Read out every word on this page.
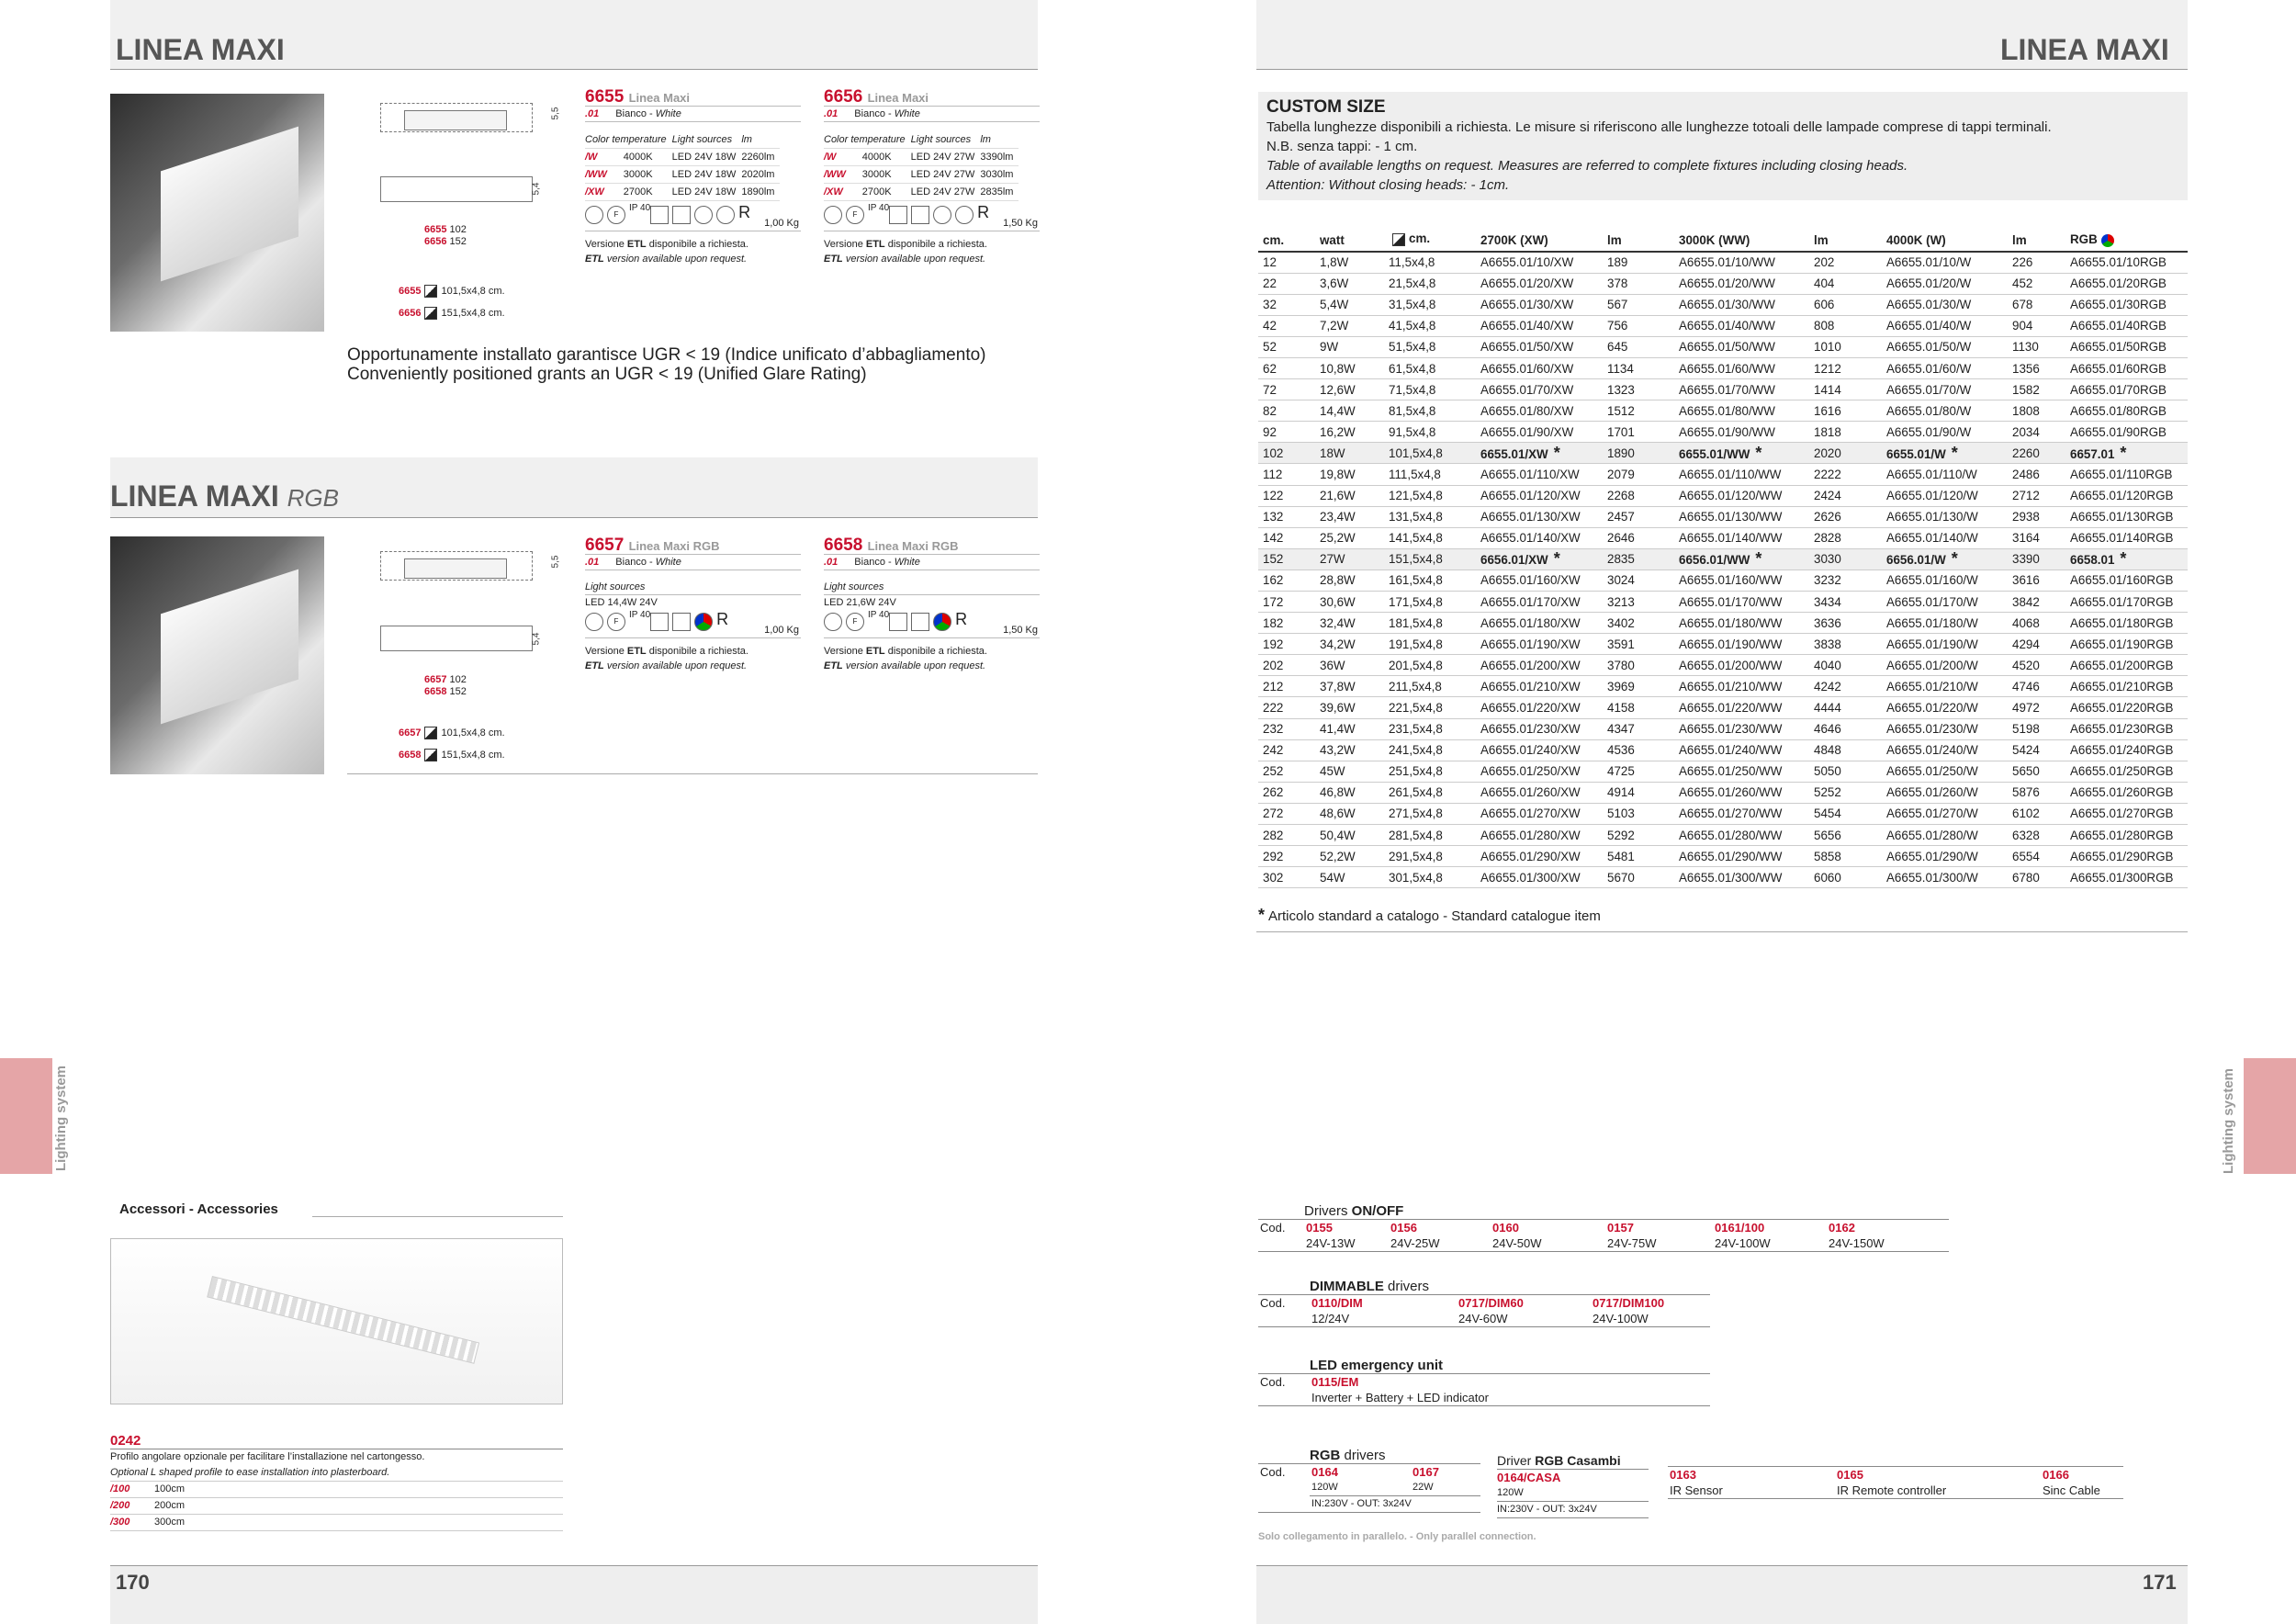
LINEA MAXI
5,5
5,4
6655 102
6656 152
6655 101,5x4,8 cm.
6656 151,5x4,8 cm.
6655 Linea Maxi
.01 Bianco - White
Color temperature		Light sources	lm
/W	4000K	LED 24V 18W	2260lm
/WW	3000K	LED 24V 18W	2020lm
/XW	2700K	LED 24V 18W	1890lm
FIP 40	R
1,00 Kg
Versione ETL disponibile a richiesta.
ETL version available upon request.
6656 Linea Maxi
.01 Bianco - White
Color temperature		Light sources	lm
/W	4000K	LED 24V 27W	3390lm
/WW	3000K	LED 24V 27W	3030lm
/XW	2700K	LED 24V 27W	2835lm
FIP 40	R
1,50 Kg
Versione ETL disponibile a richiesta.
ETL version available upon request.
Opportunamente installato garantisce UGR < 19 (Indice unificato d’abbagliamento)
Conveniently positioned grants an UGR < 19 (Unified Glare Rating)
LINEA MAXI RGB
5,5
5,4
6657 102
6658 152
6657 101,5x4,8 cm.
6658 151,5x4,8 cm.
6657 Linea Maxi RGB
.01 Bianco - White
Light sources
LED 14,4W 24V
FIP 40	R
1,00 Kg
Versione ETL disponibile a richiesta.
ETL version available upon request.
6658 Linea Maxi RGB
.01 Bianco - White
Light sources
LED 21,6W 24V
FIP 40	R
1,50 Kg
Versione ETL disponibile a richiesta.
ETL version available upon request.
Lighting system
Accessori - Accessories
0242
Profilo angolare opzionale per facilitare l’installazione nel cartongesso.
Optional L shaped profile to ease installation into plasterboard.
/100	100cm
/200	200cm
/300	300cm
170
LINEA MAXI
CUSTOM SIZE
Tabella lunghezze disponibili a richiesta. Le misure si riferiscono alle lunghezze totoali delle lampade comprese di tappi terminali.
N.B. senza tappi: - 1 cm.
Table of available lengths on request. Measures are referred to complete fixtures including closing heads.
Attention: Without closing heads: - 1cm.
cm.	watt	cm.	2700K (XW)	lm	3000K (WW)	lm	4000K (W)	lm	RGB
12	1,8W	11,5x4,8	A6655.01/10/XW	189	A6655.01/10/WW	202	A6655.01/10/W	226	A6655.01/10RGB
22	3,6W	21,5x4,8	A6655.01/20/XW	378	A6655.01/20/WW	404	A6655.01/20/W	452	A6655.01/20RGB
32	5,4W	31,5x4,8	A6655.01/30/XW	567	A6655.01/30/WW	606	A6655.01/30/W	678	A6655.01/30RGB
42	7,2W	41,5x4,8	A6655.01/40/XW	756	A6655.01/40/WW	808	A6655.01/40/W	904	A6655.01/40RGB
52	9W	51,5x4,8	A6655.01/50/XW	645	A6655.01/50/WW	1010	A6655.01/50/W	1130	A6655.01/50RGB
62	10,8W	61,5x4,8	A6655.01/60/XW	1134	A6655.01/60/WW	1212	A6655.01/60/W	1356	A6655.01/60RGB
72	12,6W	71,5x4,8	A6655.01/70/XW	1323	A6655.01/70/WW	1414	A6655.01/70/W	1582	A6655.01/70RGB
82	14,4W	81,5x4,8	A6655.01/80/XW	1512	A6655.01/80/WW	1616	A6655.01/80/W	1808	A6655.01/80RGB
92	16,2W	91,5x4,8	A6655.01/90/XW	1701	A6655.01/90/WW	1818	A6655.01/90/W	2034	A6655.01/90RGB
102	18W	101,5x4,8	6655.01/XW *	1890	6655.01/WW *	2020	6655.01/W *	2260	6657.01 *
112	19,8W	111,5x4,8	A6655.01/110/XW	2079	A6655.01/110/WW	2222	A6655.01/110/W	2486	A6655.01/110RGB
122	21,6W	121,5x4,8	A6655.01/120/XW	2268	A6655.01/120/WW	2424	A6655.01/120/W	2712	A6655.01/120RGB
132	23,4W	131,5x4,8	A6655.01/130/XW	2457	A6655.01/130/WW	2626	A6655.01/130/W	2938	A6655.01/130RGB
142	25,2W	141,5x4,8	A6655.01/140/XW	2646	A6655.01/140/WW	2828	A6655.01/140/W	3164	A6655.01/140RGB
152	27W	151,5x4,8	6656.01/XW *	2835	6656.01/WW *	3030	6656.01/W *	3390	6658.01 *
162	28,8W	161,5x4,8	A6655.01/160/XW	3024	A6655.01/160/WW	3232	A6655.01/160/W	3616	A6655.01/160RGB
172	30,6W	171,5x4,8	A6655.01/170/XW	3213	A6655.01/170/WW	3434	A6655.01/170/W	3842	A6655.01/170RGB
182	32,4W	181,5x4,8	A6655.01/180/XW	3402	A6655.01/180/WW	3636	A6655.01/180/W	4068	A6655.01/180RGB
192	34,2W	191,5x4,8	A6655.01/190/XW	3591	A6655.01/190/WW	3838	A6655.01/190/W	4294	A6655.01/190RGB
202	36W	201,5x4,8	A6655.01/200/XW	3780	A6655.01/200/WW	4040	A6655.01/200/W	4520	A6655.01/200RGB
212	37,8W	211,5x4,8	A6655.01/210/XW	3969	A6655.01/210/WW	4242	A6655.01/210/W	4746	A6655.01/210RGB
222	39,6W	221,5x4,8	A6655.01/220/XW	4158	A6655.01/220/WW	4444	A6655.01/220/W	4972	A6655.01/220RGB
232	41,4W	231,5x4,8	A6655.01/230/XW	4347	A6655.01/230/WW	4646	A6655.01/230/W	5198	A6655.01/230RGB
242	43,2W	241,5x4,8	A6655.01/240/XW	4536	A6655.01/240/WW	4848	A6655.01/240/W	5424	A6655.01/240RGB
252	45W	251,5x4,8	A6655.01/250/XW	4725	A6655.01/250/WW	5050	A6655.01/250/W	5650	A6655.01/250RGB
262	46,8W	261,5x4,8	A6655.01/260/XW	4914	A6655.01/260/WW	5252	A6655.01/260/W	5876	A6655.01/260RGB
272	48,6W	271,5x4,8	A6655.01/270/XW	5103	A6655.01/270/WW	5454	A6655.01/270/W	6102	A6655.01/270RGB
282	50,4W	281,5x4,8	A6655.01/280/XW	5292	A6655.01/280/WW	5656	A6655.01/280/W	6328	A6655.01/280RGB
292	52,2W	291,5x4,8	A6655.01/290/XW	5481	A6655.01/290/WW	5858	A6655.01/290/W	6554	A6655.01/290RGB
302	54W	301,5x4,8	A6655.01/300/XW	5670	A6655.01/300/WW	6060	A6655.01/300/W	6780	A6655.01/300RGB
* Articolo standard a catalogo - Standard catalogue item
Lighting system
Drivers ON/OFF
Cod.	0155	0156	0160	0157	0161/100	0162
	24V-13W	24V-25W	24V-50W	24V-75W	24V-100W	24V-150W
DIMMABLE drivers
Cod.	0110/DIM	0717/DIM60	0717/DIM100
	12/24V	24V-60W	24V-100W
LED emergency unit
Cod.	0115/EM
Inverter + Battery + LED indicator
RGB drivers
Cod.	0164	0167
	120W	22W
	IN:230V - OUT: 3x24V	
Driver RGB Casambi
0164/CASA
120W
IN:230V - OUT: 3x24V
0163	0165	0166
IR Sensor	IR Remote controller	Sinc Cable
Solo collegamento in parallelo. - Only parallel connection.
171
